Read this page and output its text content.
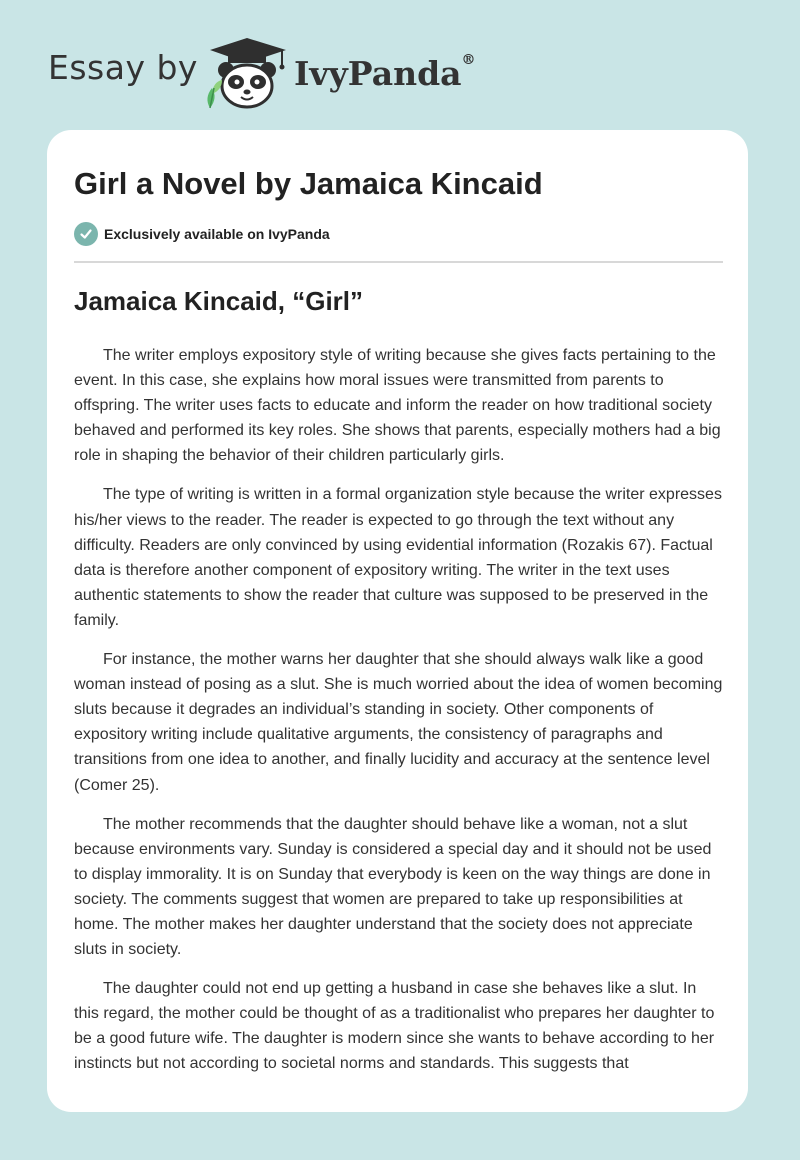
Essay by	IvyPanda®
Girl a Novel by Jamaica Kincaid
Exclusively available on IvyPanda
Jamaica Kincaid, “Girl”

The writer employs expository style of writing because she gives facts pertaining to the event. In this case, she explains how moral issues were transmitted from parents to offspring. The writer uses facts to educate and inform the reader on how traditional society behaved and performed its key roles. She shows that parents, especially mothers had a big role in shaping the behavior of their children particularly girls.

The type of writing is written in a formal organization style because the writer expresses his/her views to the reader. The reader is expected to go through the text without any difficulty. Readers are only convinced by using evidential information (Rozakis 67). Factual data is therefore another component of expository writing. The writer in the text uses authentic statements to show the reader that culture was supposed to be preserved in the family.

For instance, the mother warns her daughter that she should always walk like a good woman instead of posing as a slut. She is much worried about the idea of women becoming sluts because it degrades an individual’s standing in society. Other components of expository writing include qualitative arguments, the consistency of paragraphs and transitions from one idea to another, and finally lucidity and accuracy at the sentence level (Comer 25).

The mother recommends that the daughter should behave like a woman, not a slut because environments vary. Sunday is considered a special day and it should not be used to display immorality. It is on Sunday that everybody is keen on the way things are done in society. The comments suggest that women are prepared to take up responsibilities at home. The mother makes her daughter understand that the society does not appreciate sluts in society.

The daughter could not end up getting a husband in case she behaves like a slut. In this regard, the mother could be thought of as a traditionalist who prepares her daughter to be a good future wife. The daughter is modern since she wants to behave according to her instincts but not according to societal norms and standards. This suggests that
